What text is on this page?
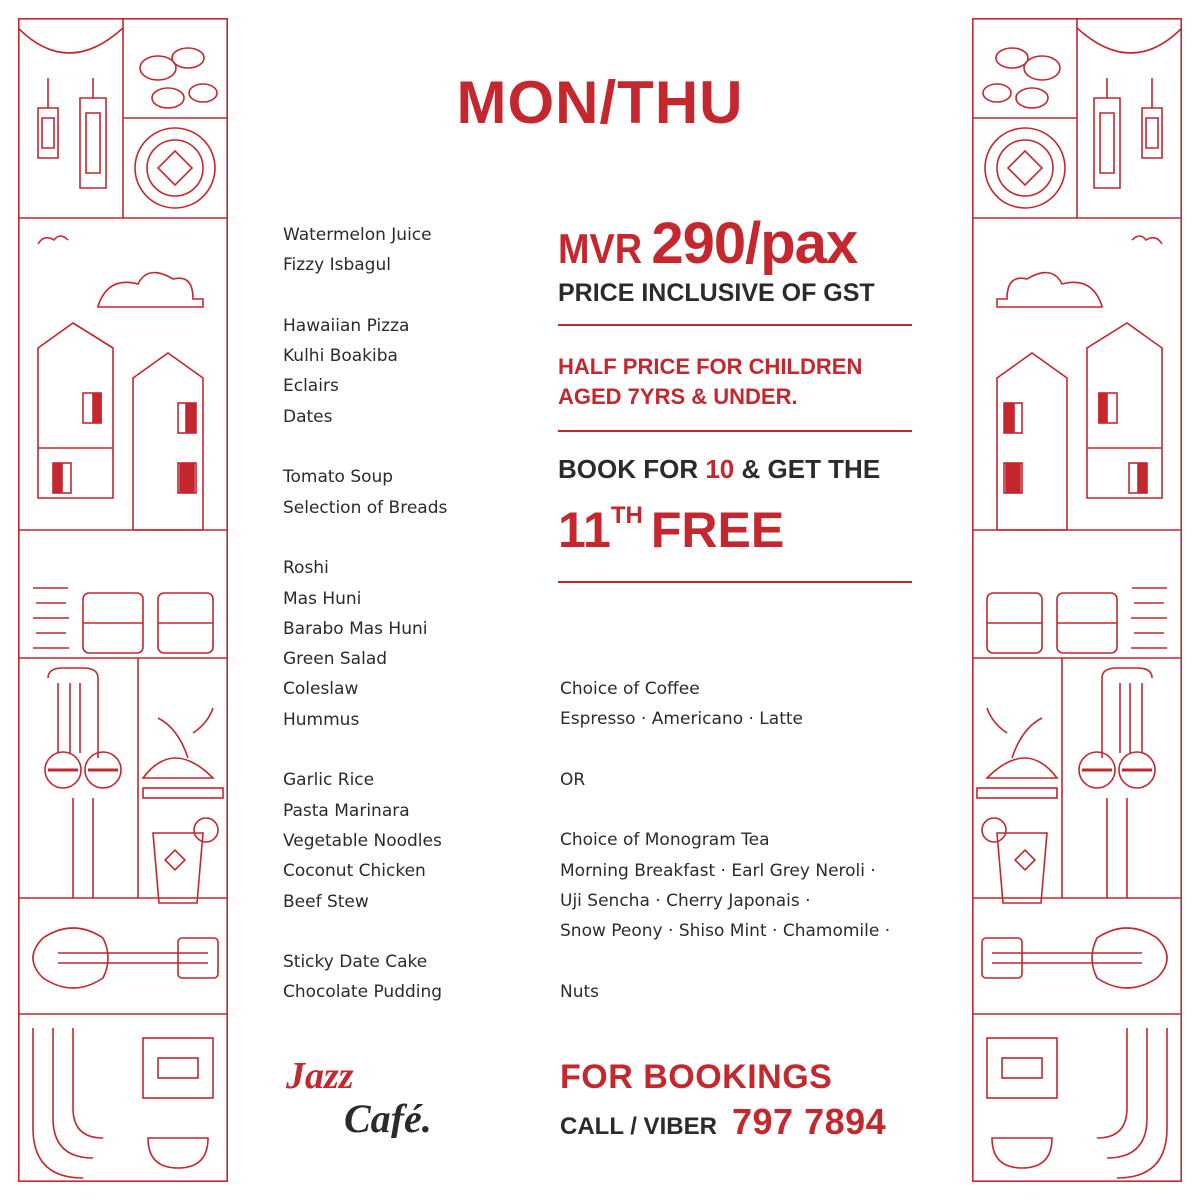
MON/THU
Watermelon Juice
Fizzy Isbagul
Hawaiian Pizza
Kulhi Boakiba
Eclairs
Dates
Tomato Soup
Selection of Breads
Roshi
Mas Huni
Barabo Mas Huni
Green Salad
Coleslaw
Hummus
Garlic Rice
Pasta Marinara
Vegetable Noodles
Coconut Chicken
Beef Stew
Sticky Date Cake
Chocolate Pudding
MVR 290/pax
PRICE INCLUSIVE OF GST
HALF PRICE FOR CHILDREN
AGED 7YRS & UNDER.
BOOK FOR 10 & GET THE
11TH FREE
Choice of Coffee
Espresso · Americano · Latte
OR
Choice of Monogram Tea
Morning Breakfast · Earl Grey Neroli ·
Uji Sencha · Cherry Japonais ·
Snow Peony · Shiso Mint · Chamomile ·
Nuts
Jazz
Café.
FOR BOOKINGS
CALL / VIBER 797 7894
